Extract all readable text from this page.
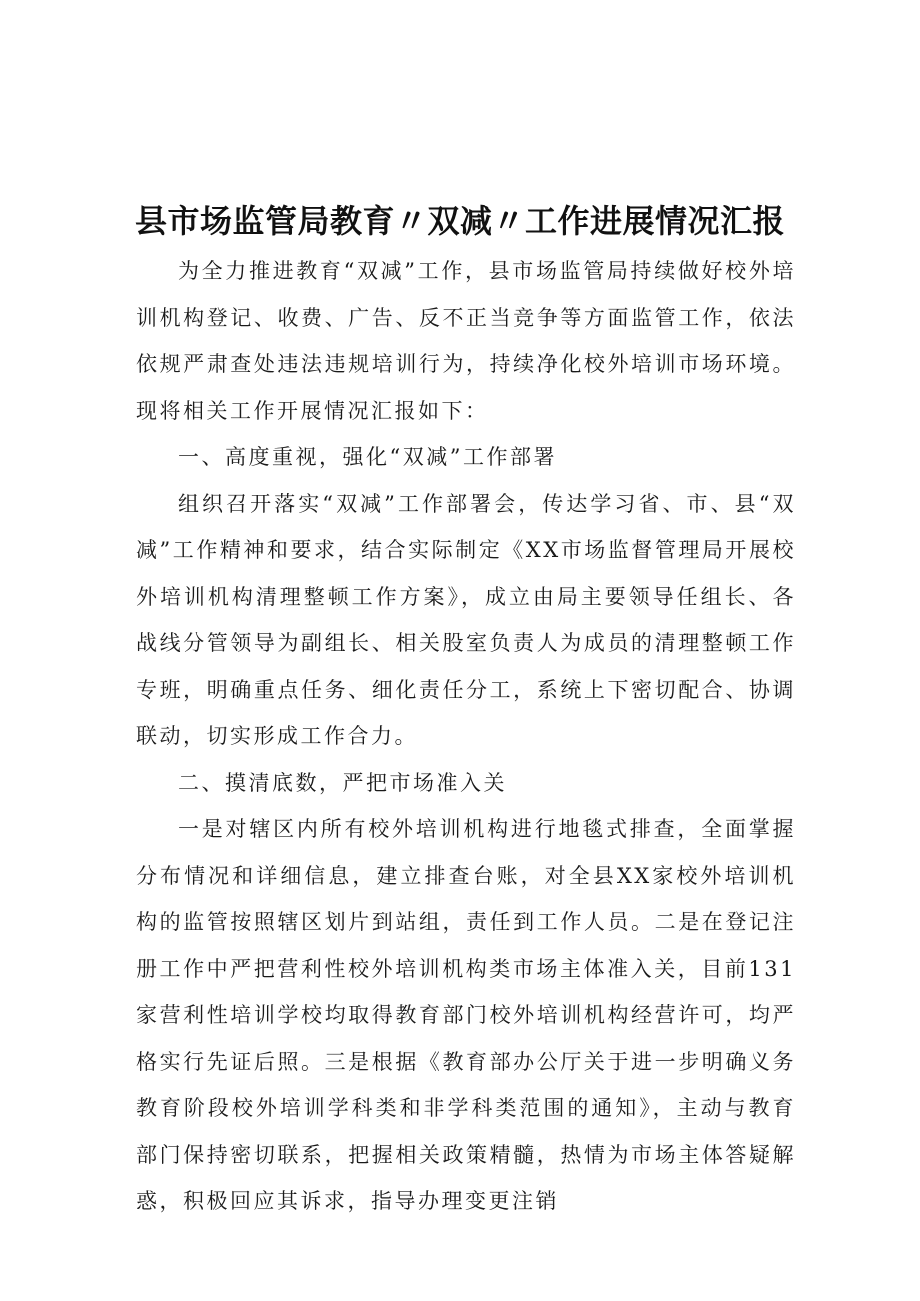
县市场监管局教育〃双减〃工作进展情况汇报

为全力推进教育“双减”工作，县市场监管局持续做好校外培训机构登记、收费、广告、反不正当竞争等方面监管工作，依法依规严肃查处违法违规培训行为，持续净化校外培训市场环境。现将相关工作开展情况汇报如下：

一、高度重视，强化“双减”工作部署

组织召开落实“双减”工作部署会，传达学习省、市、县“双减”工作精神和要求，结合实际制定《XX市场监督管理局开展校外培训机构清理整顿工作方案》，成立由局主要领导任组长、各战线分管领导为副组长、相关股室负责人为成员的清理整顿工作专班，明确重点任务、细化责任分工，系统上下密切配合、协调联动，切实形成工作合力。

二、摸清底数，严把市场准入关

一是对辖区内所有校外培训机构进行地毯式排查，全面掌握分布情况和详细信息，建立排查台账，对全县XX家校外培训机构的监管按照辖区划片到站组，责任到工作人员。二是在登记注册工作中严把营利性校外培训机构类市场主体准入关，目前131家营利性培训学校均取得教育部门校外培训机构经营许可，均严格实行先证后照。三是根据《教育部办公厅关于进一步明确义务教育阶段校外培训学科类和非学科类范围的通知》，主动与教育部门保持密切联系，把握相关政策精髓，热情为市场主体答疑解惑，积极回应其诉求，指导办理变更注销
